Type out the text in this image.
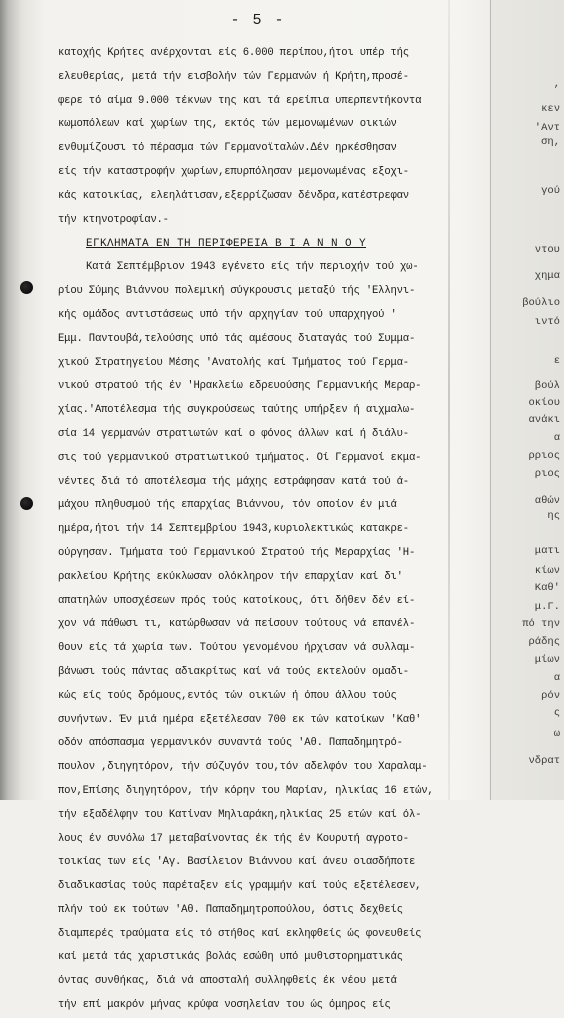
,
κεν
'Αντ
ση,
γού
ντου
χημα
βούλιο
ιντό
ε
βούλ
οκίου
ανάκι
α
ρριος
ριος
αθών
ης
ματι
κίων
Καθ'
μ.Γ.
πό την
ράδης
μίων
α
ρόν
ς
ω
νδρατ
- 5 -
κατοχής Κρήτες ανέρχονται είς 6.000 περίπου,ήτοι υπέρ τής
ελευθερίας, μετά τήν εισβολήν τών Γερμανών ή Κρήτη,προσέ-
φερε τό αίμα 9.000 τέκνων της και τά ερείπια υπερπεντήκοντα
κωμοπόλεων καί χωρίων της, εκτός τών μεμονωμένων οικιών
ενθυμίζουσι τό πέρασμα τών Γερμανοϊταλών.Δέν ηρκέσθησαν
είς τήν καταστροφήν χωρίων,επυρπόλησαν μεμονωμένας εξοχι-
κάς κατοικίας, ελεηλάτισαν,εξερρίζωσαν δένδρα,κατέστρεφαν
τήν κτηνοτροφίαν.-
ΕΓΚΛΗΜΑΤΑ ΕΝ ΤΗ ΠΕΡΙΦΕΡΕΙΑ Β Ι Α Ν Ν Ο Υ
Κατά Σεπτέμβριον 1943 εγένετο είς τήν περιοχήν τού χω-
ρίου Σύμης Βιάννου πολεμική σύγκρουσις μεταξύ τής 'Ελληνι-
κής ομάδος αντιστάσεως υπό τήν αρχηγίαν τού υπαρχηγού '
Εμμ. Παντουβά,τελούσης υπό τάς αμέσους διαταγάς τού Συμμα-
χικού Στρατηγείου Μέσης 'Ανατολής καί Τμήματος τού Γερμα-
νικού στρατού τής έν 'Ηρακλείω εδρευούσης Γερμανικής Μεραρ-
χίας.'Αποτέλεσμα τής συγκρούσεως ταύτης υπήρξεν ή αιχμαλω-
σία 14 γερμανών στρατιωτών καί ο φόνος άλλων καί ή διάλυ-
σις τού γερμανικού στρατιωτικού τμήματος. Οί Γερμανοί εκμα-
νέντες διά τό αποτέλεσμα τής μάχης εστράφησαν κατά τού ά-
μάχου πληθυσμού τής επαρχίας Βιάννου, τόν οποίον έν μιά
ημέρα,ήτοι τήν 14 Σεπτεμβρίου 1943,κυριολεκτικώς κατακρε-
ούργησαν. Τμήματα τού Γερμανικού Στρατού τής Μεραρχίας 'Η-
ρακλείου Κρήτης εκύκλωσαν ολόκληρον τήν επαρχίαν καί δι'
απατηλών υποσχέσεων πρός τούς κατοίκους, ότι δήθεν δέν εί-
χον νά πάθωσι τι, κατώρθωσαν νά πείσουν τούτους νά επανέλ-
θουν είς τά χωρία των. Τούτου γενομένου ήρχισαν νά συλλαμ-
βάνωσι τούς πάντας αδιακρίτως καί νά τούς εκτελούν ομαδι-
κώς είς τούς δρόμους,εντός τών οικιών ή όπου άλλου τούς
συνήντων. Έν μιά ημέρα εξετέλεσαν 700 εκ τών κατοίκων 'Καθ'
οδόν απόσπασμα γερμανικόν συναντά τούς 'Αθ. Παπαδημητρό-
πουλον ,διηγητόρον, τήν σύζυγόν του,τόν αδελφόν του Χαραλαμ-
πον,Επίσης διηγητόρον, τήν κόρην του Μαρίαν, ηλικίας 16 ετών,
τήν εξαδέλφην του Κατίναν Μηλιαράκη,ηλικίας 25 ετών καί όλ-
λους έν συνόλω 17 μεταβαίνοντας έκ τής έν Κουρυτή αγροτο-
τοικίας των είς 'Αγ. Βασίλειον Βιάννου καί άνευ οιασδήποτε
διαδικασίας τούς παρέταξεν είς γραμμήν καί τούς εξετέλεσεν,
πλήν τού εκ τούτων 'Αθ. Παπαδημητροπούλου, όστις δεχθείς
διαμπερές τραύματα είς τό στήθος καί εκληφθείς ώς φονευθείς
καί μετά τάς χαριστικάς βολάς εσώθη υπό μυθιστορηματικάς
όντας συνθήκας, διά νά αποσταλή συλληφθείς έκ νέου μετά
τήν επί μακρόν μήνας κρύφα νοσηλείαν του ώς όμηρος είς
